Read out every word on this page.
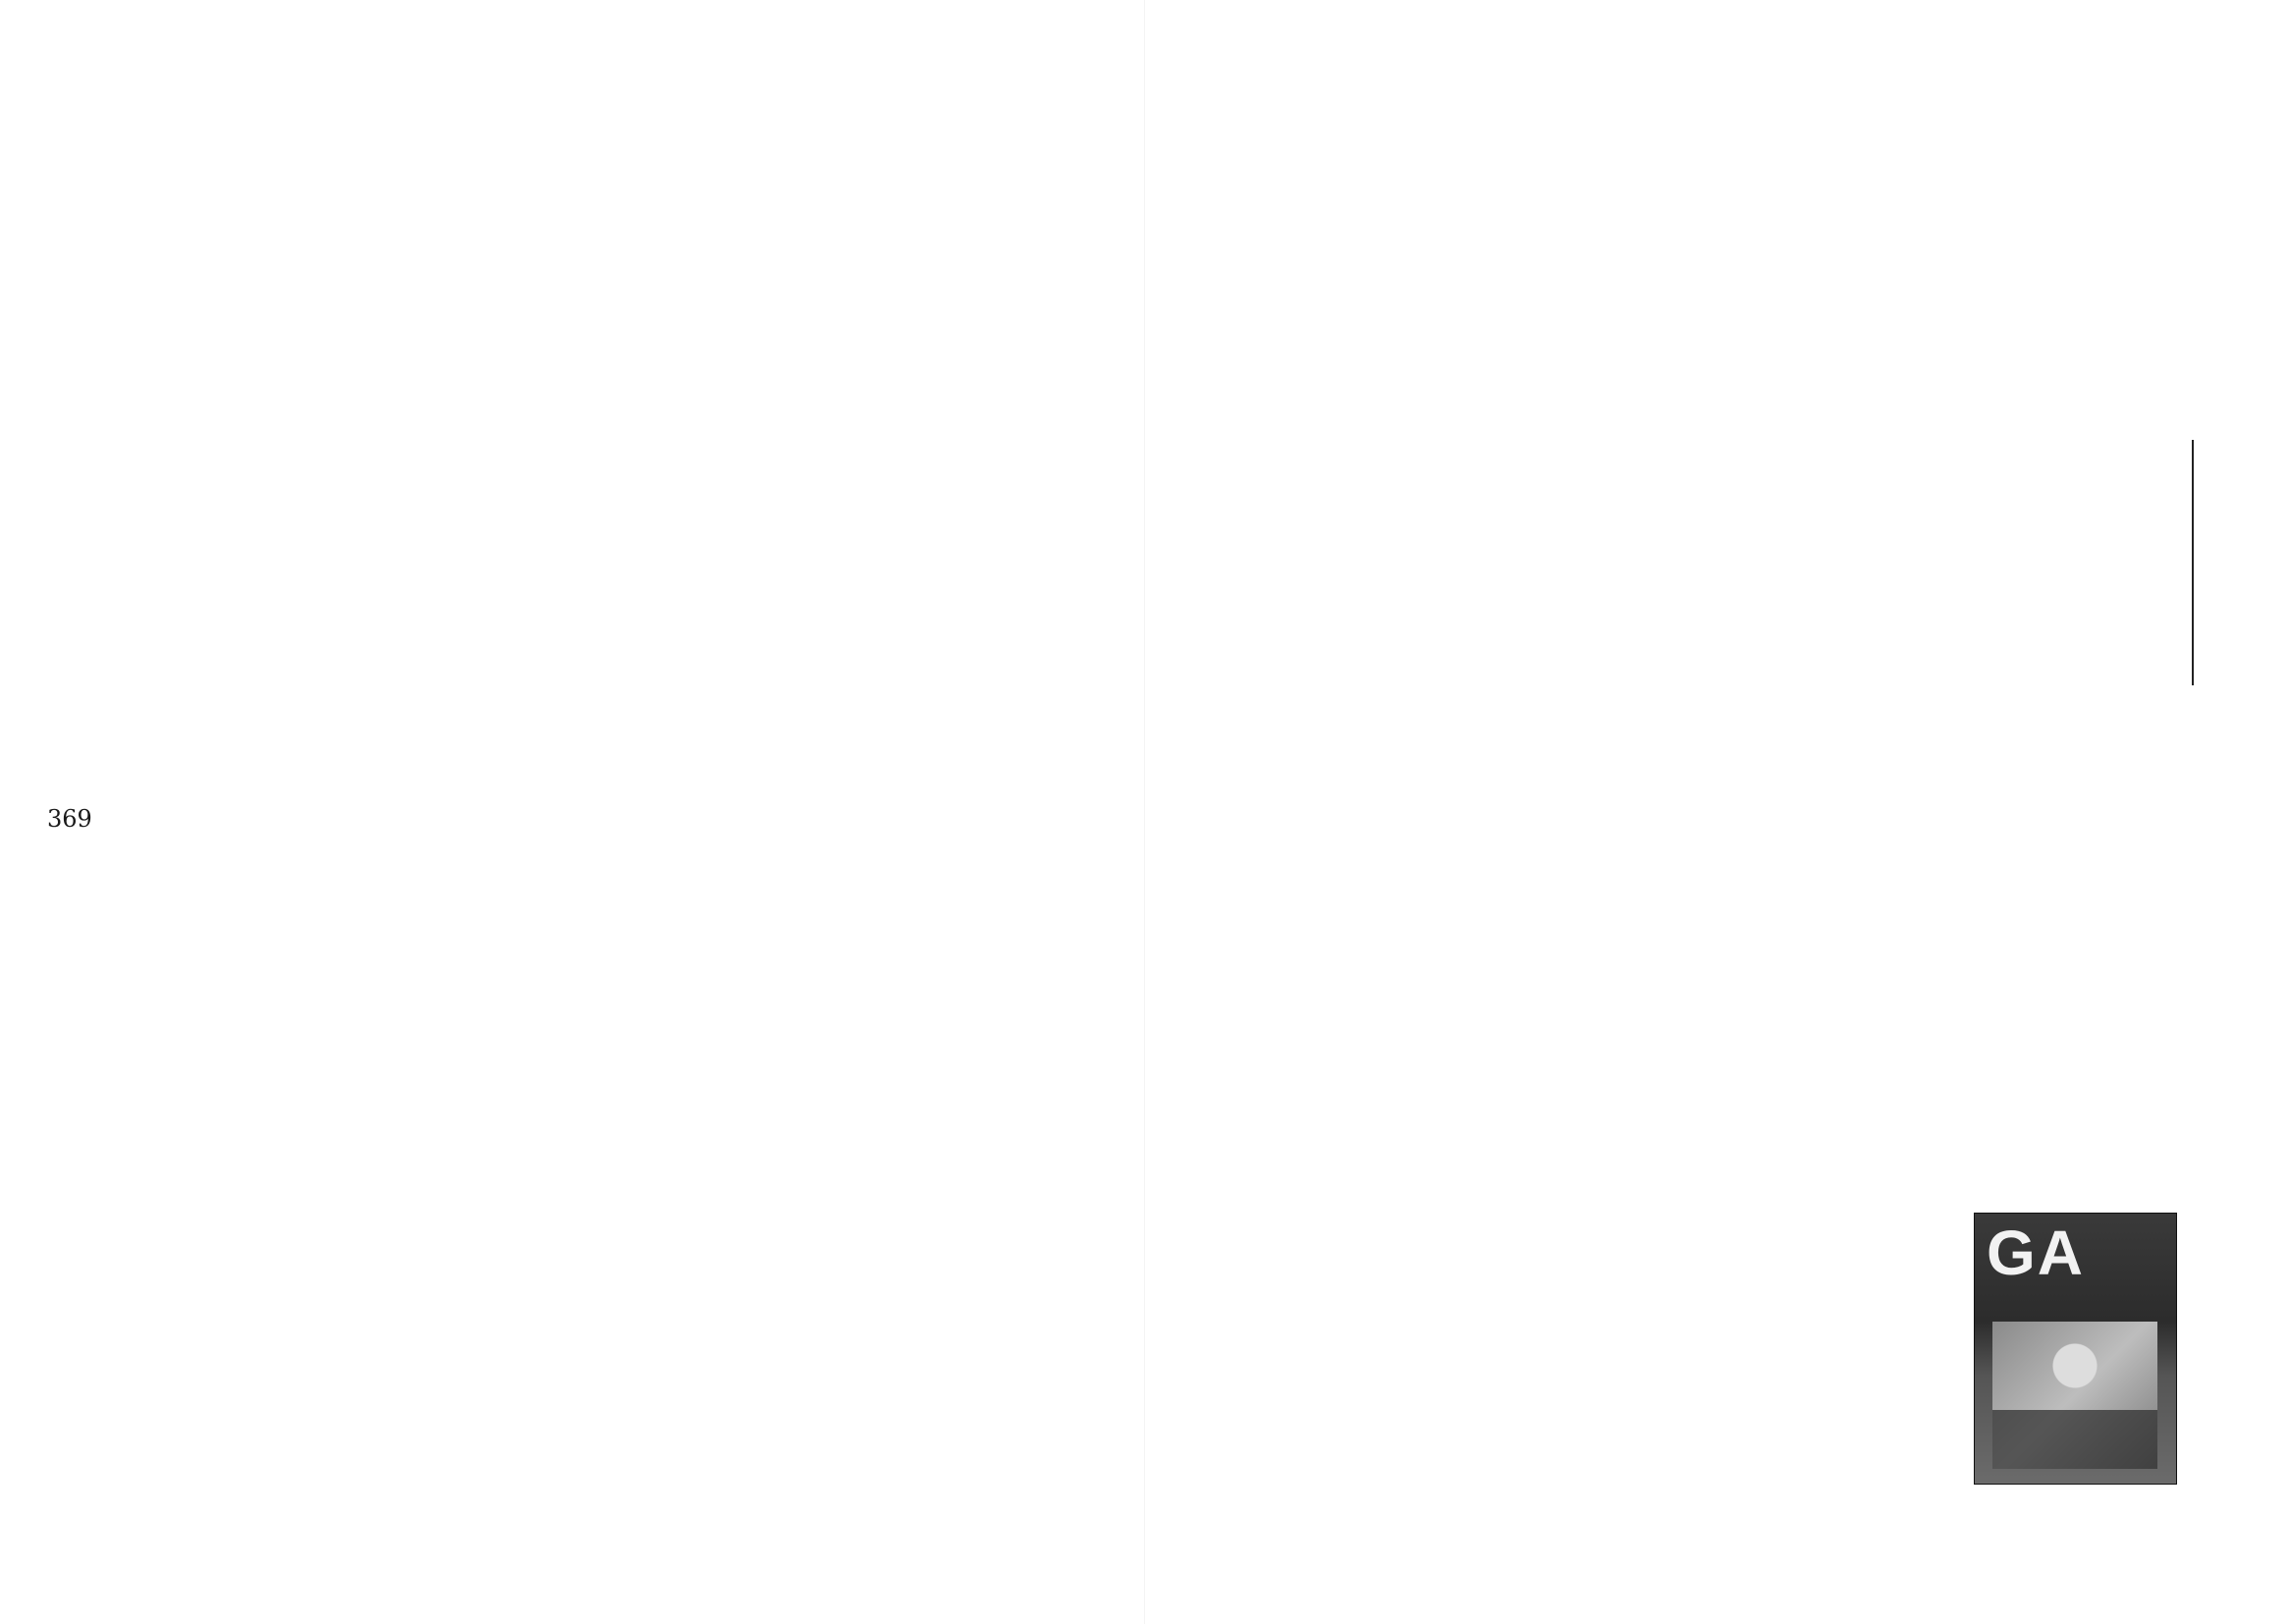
369
GA
